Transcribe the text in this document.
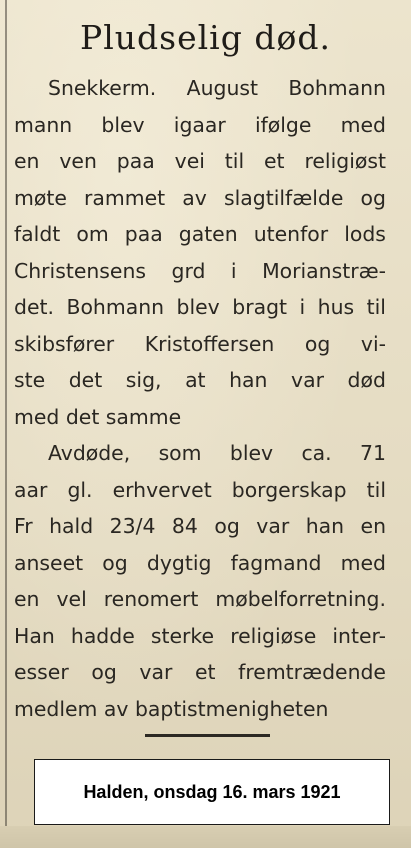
Pludselig død.
Snekkerm. August Bohmann
mann blev igaar ifølge med
en ven paa vei til et religiøst
møte rammet av slagtilfælde og
faldt om paa gaten utenfor lods
Christensens grd i Morianstræ-
det. Bohmann blev bragt i hus til
skibsfører Kristoffersen og vi-
ste det sig, at han var død
med det samme
Avdøde, som blev ca. 71
aar gl. erhvervet borgerskap til
Fr hald 23/4 84 og var han en
anseet og dygtig fagmand med
en vel renomert møbelforretning.
Han hadde sterke religiøse inter-
esser og var et fremtrædende
medlem av baptistmenigheten
Halden, onsdag 16. mars 1921
